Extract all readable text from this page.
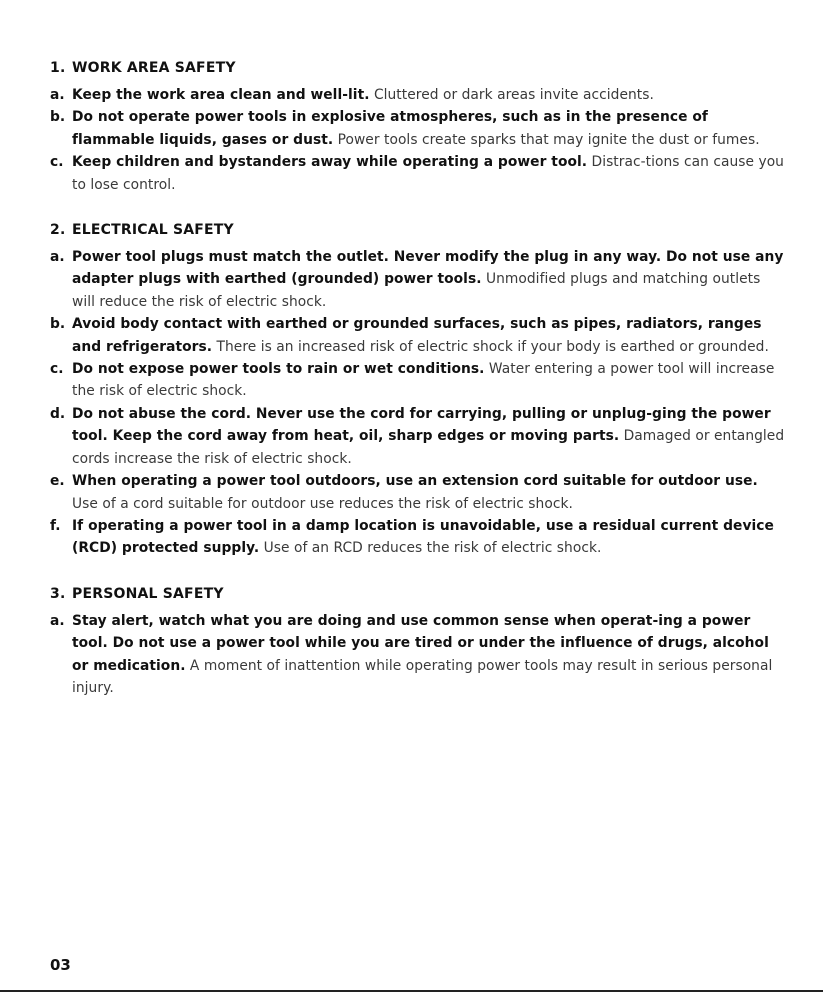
1. WORK AREA SAFETY
a. Keep the work area clean and well-lit. Cluttered or dark areas invite accidents.
b. Do not operate power tools in explosive atmospheres, such as in the presence of flammable liquids, gases or dust. Power tools create sparks that may ignite the dust or fumes.
c. Keep children and bystanders away while operating a power tool. Distrac-tions can cause you to lose control.
2. ELECTRICAL SAFETY
a. Power tool plugs must match the outlet. Never modify the plug in any way. Do not use any adapter plugs with earthed (grounded) power tools. Unmodified plugs and matching outlets will reduce the risk of electric shock.
b. Avoid body contact with earthed or grounded surfaces, such as pipes, radiators, ranges and refrigerators. There is an increased risk of electric shock if your body is earthed or grounded.
c. Do not expose power tools to rain or wet conditions. Water entering a power tool will increase the risk of electric shock.
d. Do not abuse the cord. Never use the cord for carrying, pulling or unplug-ging the power tool. Keep the cord away from heat, oil, sharp edges or moving parts. Damaged or entangled cords increase the risk of electric shock.
e. When operating a power tool outdoors, use an extension cord suitable for outdoor use. Use of a cord suitable for outdoor use reduces the risk of electric shock.
f. If operating a power tool in a damp location is unavoidable, use a residual current device (RCD) protected supply. Use of an RCD reduces the risk of electric shock.
3. PERSONAL SAFETY
a. Stay alert, watch what you are doing and use common sense when operat-ing a power tool. Do not use a power tool while you are tired or under the influence of drugs, alcohol or medication. A moment of inattention while operating power tools may result in serious personal injury.
03
